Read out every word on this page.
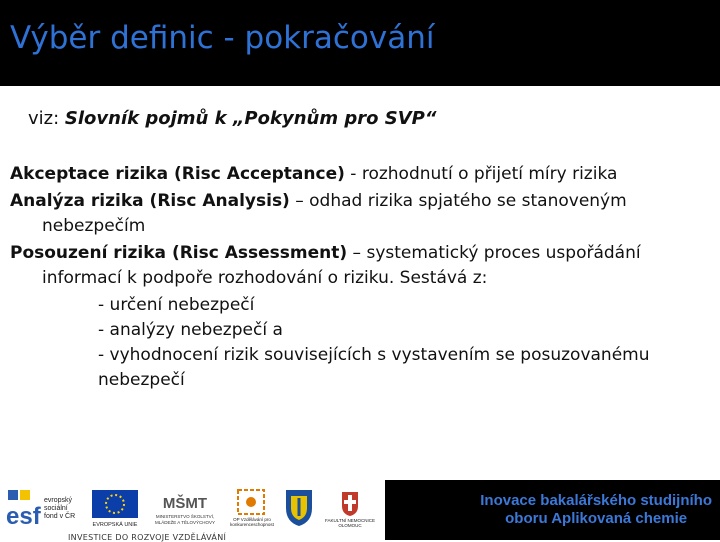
Výběr definic - pokračování
viz: Slovník pojmů k „Pokynům pro SVP“

Akceptace rizika (Risc Acceptance) - rozhodnutí o přijetí míry rizika

Analýza rizika (Risc Analysis) – odhad rizika spjatého se stanoveným nebezpečím

Posouzení rizika (Risc Assessment) – systematický proces uspořádání informací k podpoře rozhodování o riziku. Sestává z:

- určení nebezpečí
- analýzy nebezpečí a
- vyhodnocení rizik souvisejících s vystavením se posuzovanému nebezpečí
esf
evropský
sociální
fond v ČR
EVROPSKÁ UNIE
MŠMT
MINISTERSTVO ŠKOLSTVÍ,
MLÁDEŽE A TĚLOVÝCHOVY
OP Vzdělávání pro
konkurenceschopnost
FAKULTNÍ NEMOCNICE
OLOMOUC
INVESTICE DO ROZVOJE VZDĚLÁVÁNÍ
Inovace bakalářského studijního
oboru Aplikovaná chemie
